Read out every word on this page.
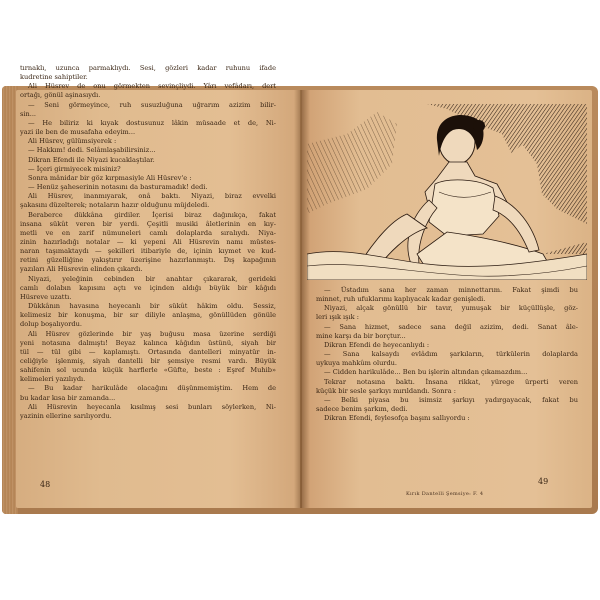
tırnaklı, uzunca parmaklıydı. Sesi, gözleri kadar ruhunu ifade
kudretine sahiptiler.
Ali Hüsrev de onu görmekten sevinçliydi. Yârı vefâdarı, dert
ortağı, gönül aşinasıydı.
— Seni görmeyince, ruh susuzluğuna uğrarım azizim bilir-
sin...
— He biliriz ki kıyak dostusunuz lâkin müsaade et de, Ni-
yazi ile ben de musafaha edeyim...
Ali Hüsrev, gülümsiyerek :
— Hakkım! dedi. Selâmlaşabilirsiniz...
Dikran Efendi ile Niyazi kucaklaştılar.
— İçeri girmiyecek misiniz?
Sonra mânidar bir göz kırpmasiyle Ali Hüsrev'e :
— Henüz şaheserinin notasını da basturamadık! dedi.
Ali Hüsrev, inanmıyarak, onâ baktı. Niyazi, biraz evvelki
şakasını düzelterek; notaların hazır olduğunu müjdeledi.
Beraberce dükkâna girdiler. İçerisi biraz dağınıkça, fakat
insana sükût veren bir yerdi. Çeşitli musiki âletlerinin en kıy-
metli ve en zarif nümuneleri camlı dolaplarda sıralıydı. Niya-
zinin hazırladığı notalar — ki yepeni Ali Hüsrevin namı müstes-
naran taşımaktaydı — şekilleri itibariyle de, içinin kıymet ve kud-
retini güzelliğine yakıştırır üzerişine hazırlanmıştı. Dış kapağının
yazıları Ali Hüsrevin elinden çıkardı.
Niyazi, yeleğinin cebinden bir anahtar çıkararak, gerideki
camlı dolabın kapısını açtı ve içinden aldığı büyük bir kâğıdı
Hüsreve uzattı.
Dükkânın havasına heyecanlı bir sükût hâkim oldu. Sessiz,
kelimesiz bir konuşma, bir sır diliyle anlaşma, gönüllüden gönüle
dolup boşalıyordu.
Ali Hüsrev gözlerinde bir yaş buğusu masa üzerine serdiği
yeni notasına dalmıştı! Beyaz kalınca kâğıdın üstünü, siyah bir
tül — tül gibi — kaplamıştı. Ortasında dantelleri minyatür in-
celiğiyle işlenmiş, siyah dantelli bir şemsiye resmi vardı. Büyük
sahifenin sol ucunda küçük harflerle «Güfte, beste : Eşref Muhib»
kelimeleri yazılıydı.
— Bu kadar harikulâde olacağını düşünmemiştim. Hem de
bu kadar kısa bir zamanda...
Ali Hüsrevin heyecanla kısılmış sesi bunları söylerken, Ni-
yazinin ellerine sarılıyordu.
— Üstadım sana her zaman minnettarım. Fakat şimdi bu
minnet, ruh ufuklarımı kaplıyacak kadar genişledi.
Niyazi, alçak gönüllü bir tavır, yumuşak bir küçüllüşle, göz-
leri ışık ışık :
— Sana hizmet, sadece sana değil azizim, dedi. Sanat âle-
mine karşı da bir borçtur...
Dikran Efendi de heyecanlıydı :
— Sana kalsaydı evlâdım şarkıların, türkülerin dolaplarda
uykuya mahkûm olurdu.
— Cidden harikulâde... Ben bu işlerin altından çıkamazdım...
Tekrar notasına baktı. İnsana rikkat, yürege ürperti veren
küçük bir sesle şarkıyı mırıldandı. Sonra :
— Belki piyasa bu isimsiz şarkıyı yadırgayacak, fakat bu
sadece benim şarkım, dedi.
Dikran Efendi, feylesofça başını sallıyordu :
48	49
Kırık Dantelli Şemsiye: F. 4
